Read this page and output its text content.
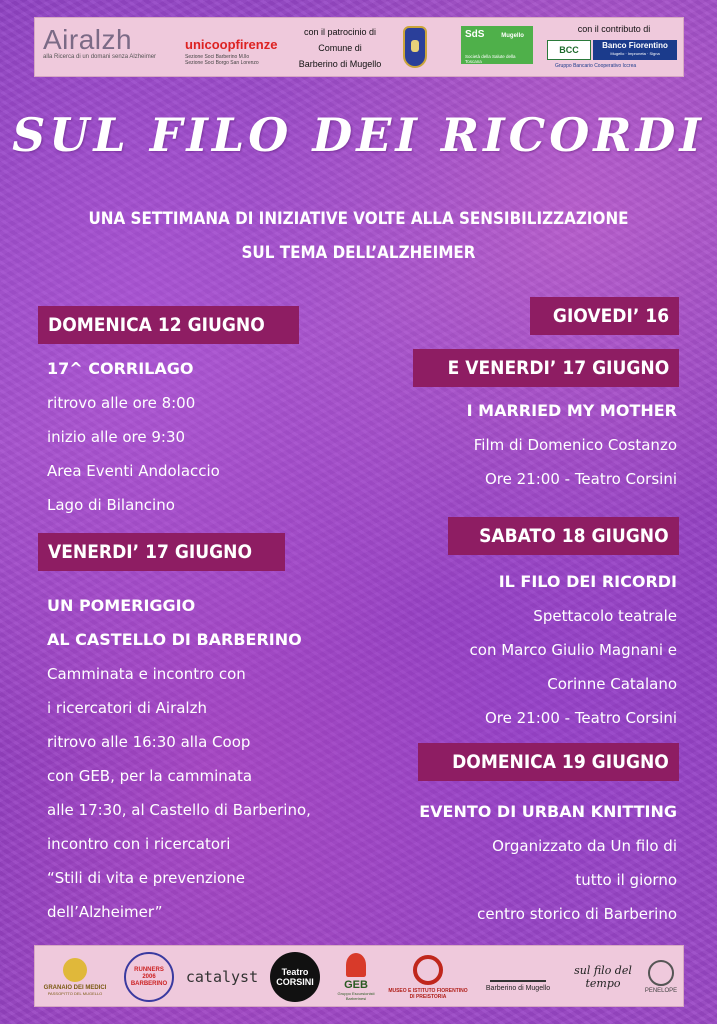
Airalzh
alla Ricerca di un domani senza Alzheimer
unicoopfirenze
Sezione Soci Barberino M.llo
Sezione Soci Borgo San Lorenzo
con il patrocinio di
Comune di
Barberino di Mugello
SdS	Mugello
Società della Salute della Toscana
con il contributo di
BCC	Banco Fiorentino
Mugello · Impruneta · Signa
Gruppo Bancario Cooperativo Iccrea
SUL FILO DEI RICORDI
UNA SETTIMANA DI INIZIATIVE VOLTE ALLA SENSIBILIZZAZIONE
SUL TEMA DELL’ALZHEIMER
DOMENICA 12 GIUGNO
17^ CORRILAGO
ritrovo alle ore 8:00
inizio alle ore 9:30
Area Eventi Andolaccio
Lago di Bilancino
VENERDI’ 17 GIUGNO
UN POMERIGGIO
AL CASTELLO DI BARBERINO
Camminata e incontro con
i ricercatori di Airalzh
ritrovo alle 16:30 alla Coop
con GEB, per la camminata
alle 17:30, al Castello di Barberino,
incontro con i ricercatori
“Stili di vita e prevenzione
dell’Alzheimer”
GIOVEDI’ 16
E VENERDI’ 17 GIUGNO
I MARRIED MY MOTHER
Film di Domenico Costanzo
Ore 21:00 - Teatro Corsini
SABATO 18 GIUGNO
IL FILO DEI RICORDI
Spettacolo teatrale
con Marco Giulio Magnani e
Corinne Catalano
Ore 21:00 - Teatro Corsini
DOMENICA 19 GIUGNO
EVENTO DI URBAN KNITTING
Organizzato da Un filo di
tutto il giorno
centro storico di Barberino
GRANAIO DEI MEDICI
PASSOPITTO DEL MUGELLO
RUNNERS 2006 BARBERINO	catalyst	Teatro CORSINI	GEB
Gruppo Escursionisti Barberinesi
MUSEO E ISTITUTO FIORENTINO DI PREISTORIA
Barberino di Mugello
sul filo del tempo
PENELOPE
